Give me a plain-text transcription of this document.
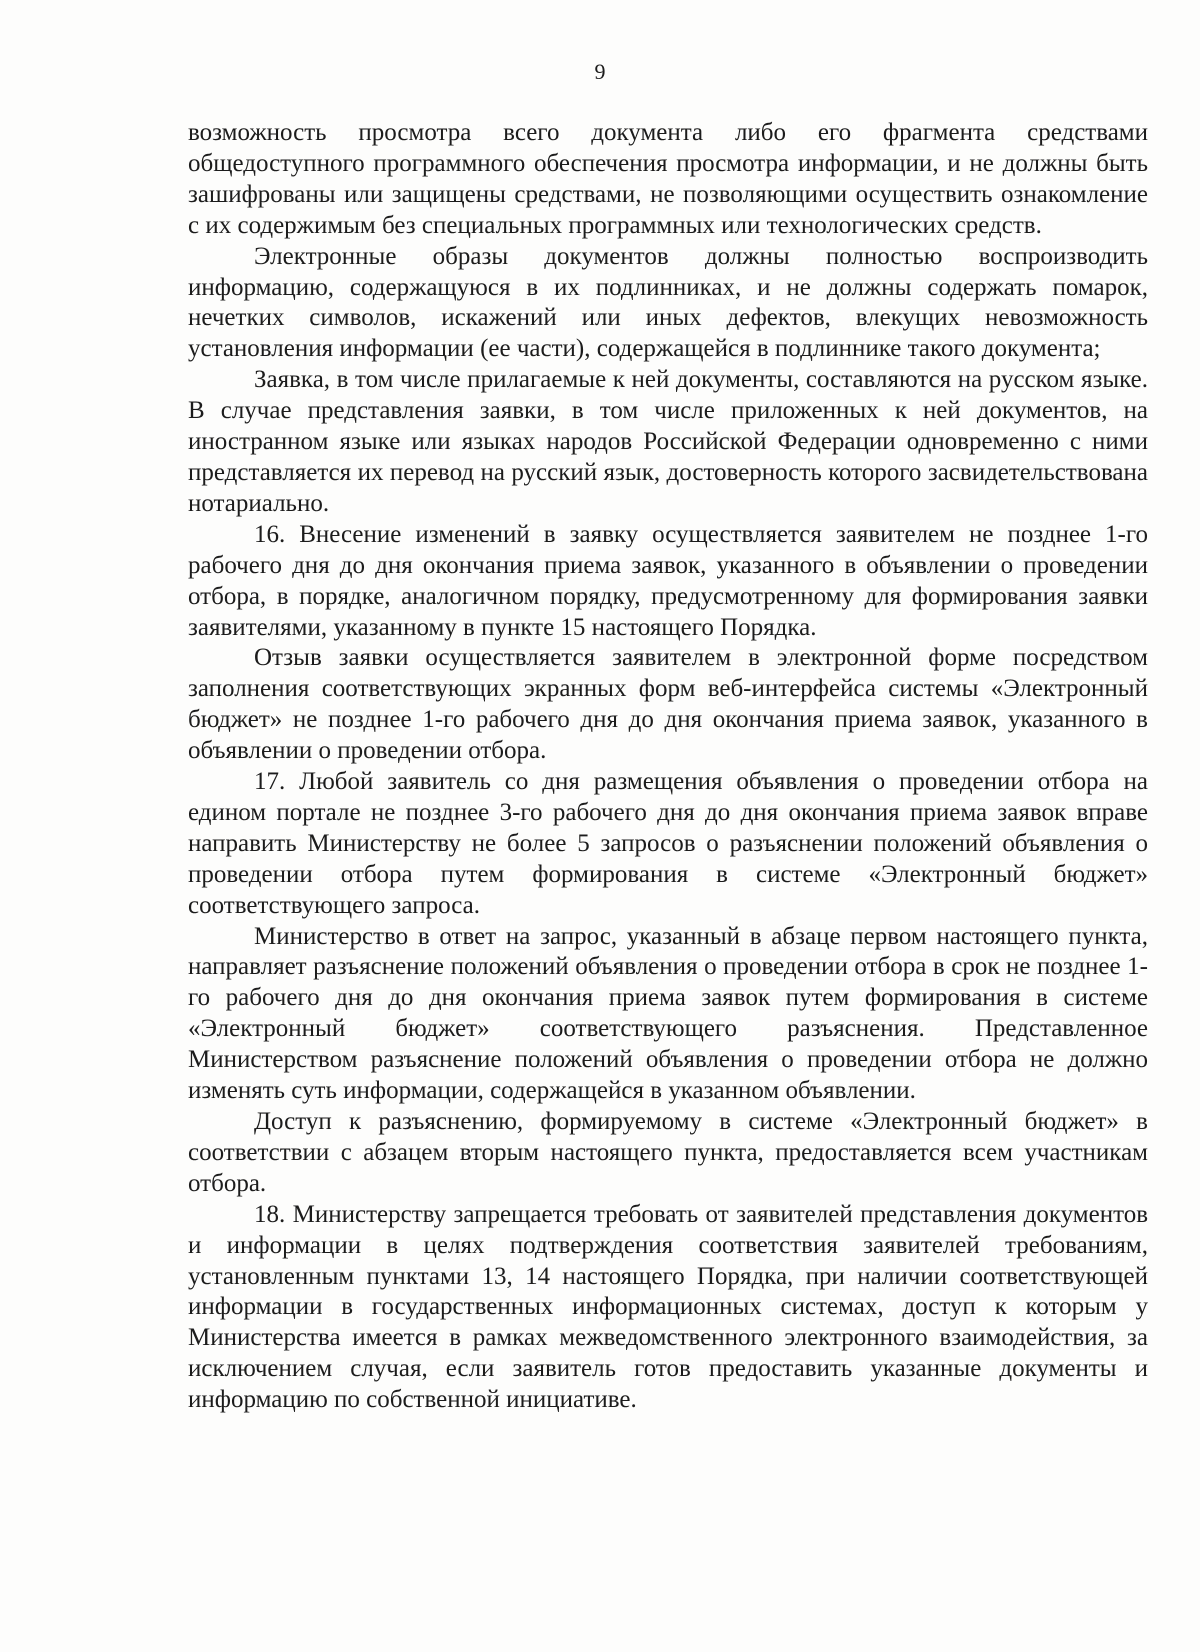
9

возможность просмотра всего документа либо его фрагмента средствами общедоступного программного обеспечения просмотра информации, и не должны быть зашифрованы или защищены средствами, не позволяющими осуществить ознакомление с их содержимым без специальных программных или технологических средств.

Электронные образы документов должны полностью воспроизводить информацию, содержащуюся в их подлинниках, и не должны содержать помарок, нечетких символов, искажений или иных дефектов, влекущих невозможность установления информации (ее части), содержащейся в подлиннике такого документа;

Заявка, в том числе прилагаемые к ней документы, составляются на русском языке. В случае представления заявки, в том числе приложенных к ней документов, на иностранном языке или языках народов Российской Федерации одновременно с ними представляется их перевод на русский язык, достоверность которого засвидетельствована нотариально.

16. Внесение изменений в заявку осуществляется заявителем не позднее 1-го рабочего дня до дня окончания приема заявок, указанного в объявлении о проведении отбора, в порядке, аналогичном порядку, предусмотренному для формирования заявки заявителями, указанному в пункте 15 настоящего Порядка.

Отзыв заявки осуществляется заявителем в электронной форме посредством заполнения соответствующих экранных форм веб-интерфейса системы «Электронный бюджет» не позднее 1-го рабочего дня до дня окончания приема заявок, указанного в объявлении о проведении отбора.

17. Любой заявитель со дня размещения объявления о проведении отбора на едином портале не позднее 3-го рабочего дня до дня окончания приема заявок вправе направить Министерству не более 5 запросов о разъяснении положений объявления о проведении отбора путем формирования в системе «Электронный бюджет» соответствующего запроса.

Министерство в ответ на запрос, указанный в абзаце первом настоящего пункта, направляет разъяснение положений объявления о проведении отбора в срок не позднее 1-го рабочего дня до дня окончания приема заявок путем формирования в системе «Электронный бюджет» соответствующего разъяснения. Представленное Министерством разъяснение положений объявления о проведении отбора не должно изменять суть информации, содержащейся в указанном объявлении.

Доступ к разъяснению, формируемому в системе «Электронный бюджет» в соответствии с абзацем вторым настоящего пункта, предоставляется всем участникам отбора.

18. Министерству запрещается требовать от заявителей представления документов и информации в целях подтверждения соответствия заявителей требованиям, установленным пунктами 13, 14 настоящего Порядка, при наличии соответствующей информации в государственных информационных системах, доступ к которым у Министерства имеется в рамках межведомственного электронного взаимодействия, за исключением случая, если заявитель готов предоставить указанные документы и информацию по собственной инициативе.
